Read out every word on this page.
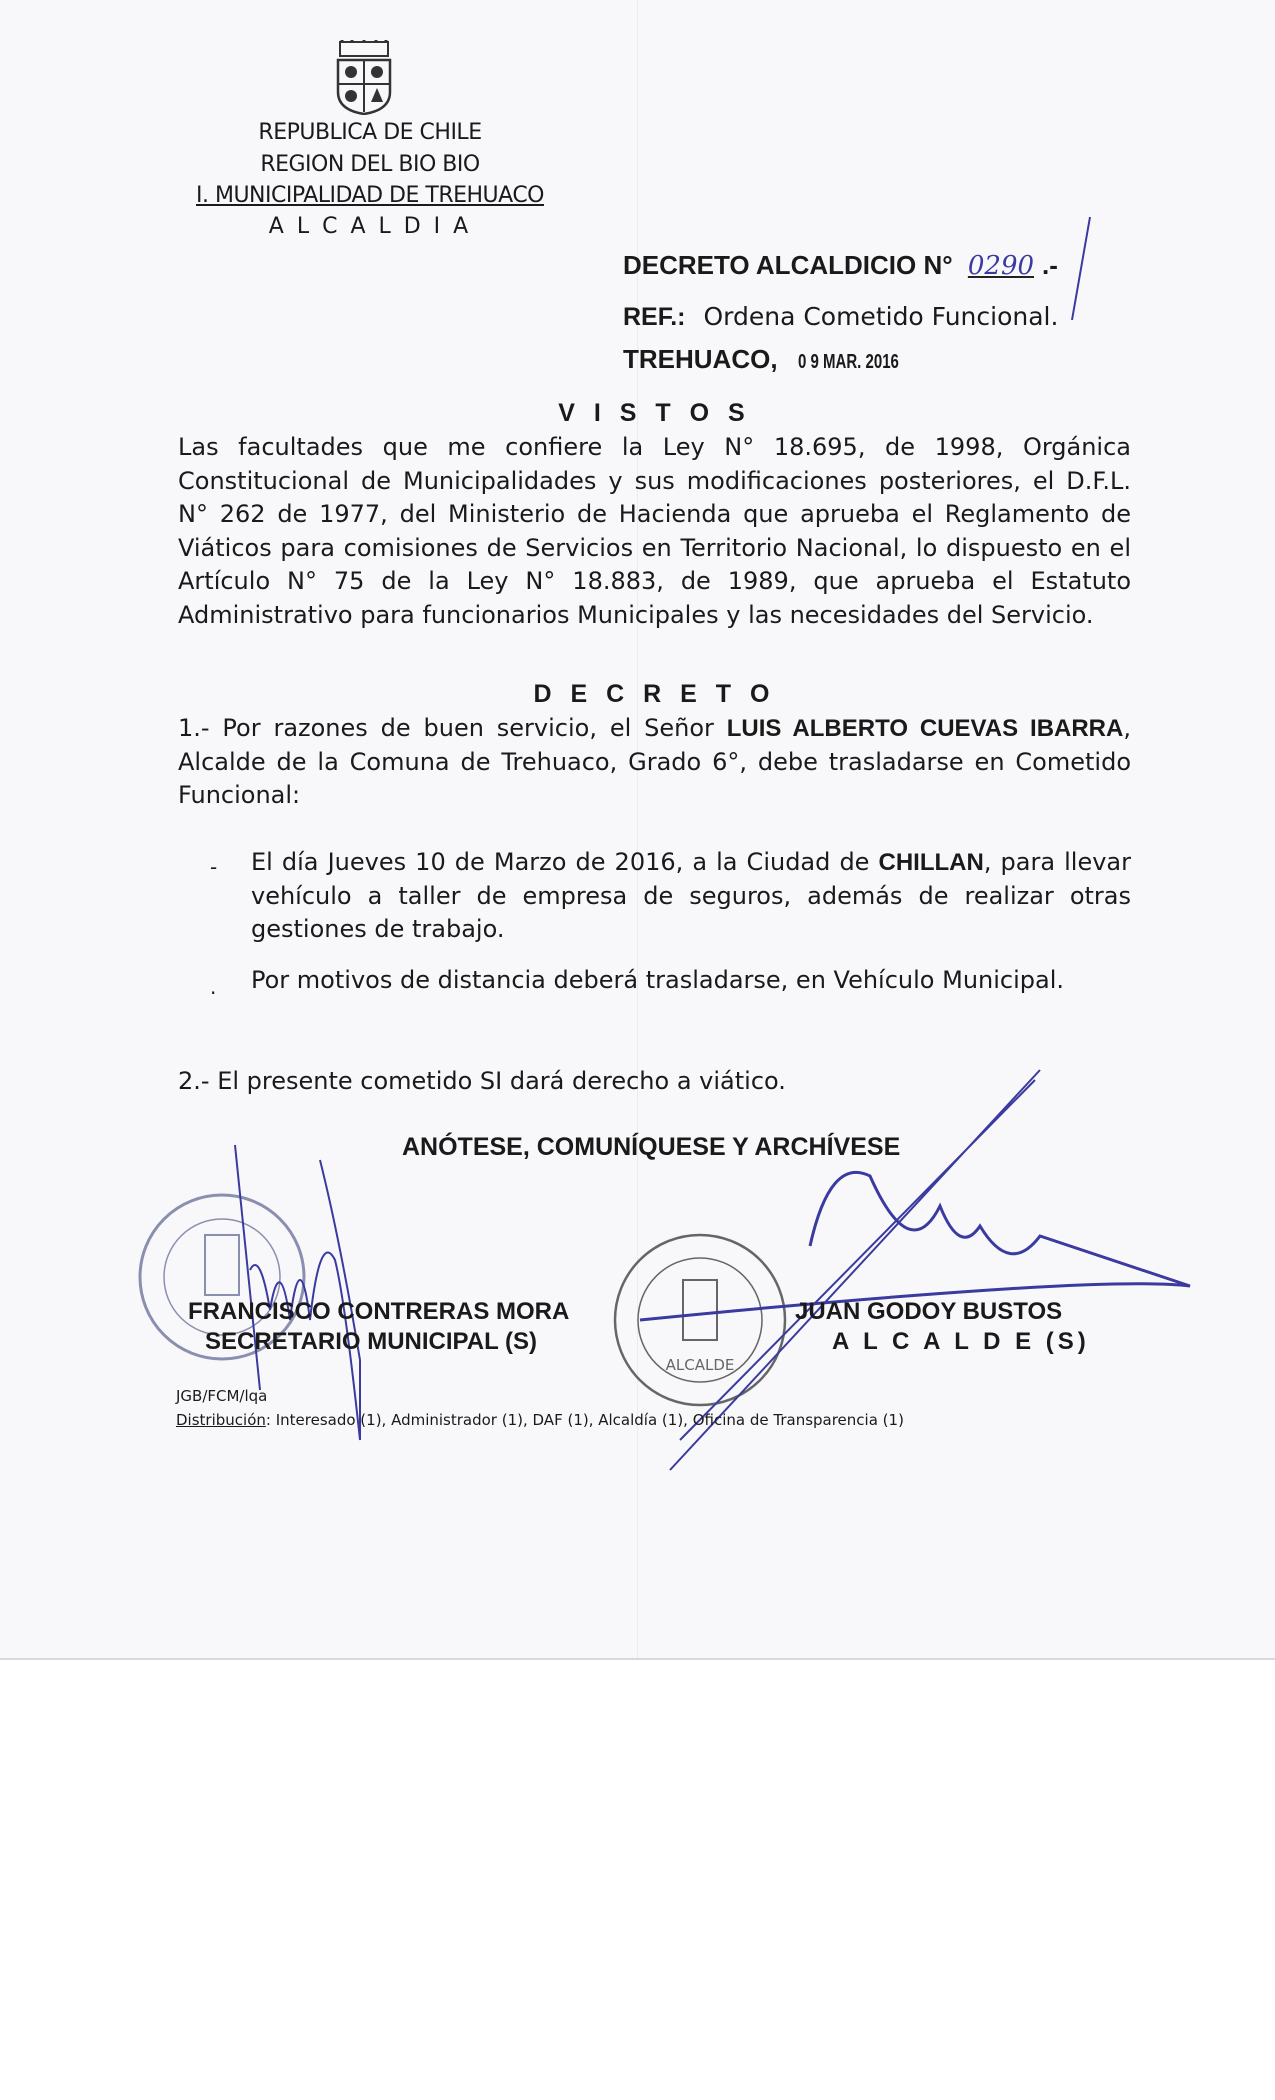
REPUBLICA DE CHILE
REGION DEL BIO BIO
I. MUNICIPALIDAD DE TREHUACO
A L C A L D I A
DECRETO ALCALDICIO N° 0290 .-
REF.: Ordena Cometido Funcional.
TREHUACO, 0 9 MAR. 2016
V I S T O S
Las facultades que me confiere la Ley N° 18.695, de 1998, Orgánica Constitucional de Municipalidades y sus modificaciones posteriores, el D.F.L. N° 262 de 1977, del Ministerio de Hacienda que aprueba el Reglamento de Viáticos para comisiones de Servicios en Territorio Nacional, lo dispuesto en el Artículo N° 75 de la Ley N° 18.883, de 1989, que aprueba el Estatuto Administrativo para funcionarios Municipales y las necesidades del Servicio.
D E C R E T O
1.- Por razones de buen servicio, el Señor LUIS ALBERTO CUEVAS IBARRA, Alcalde de la Comuna de Trehuaco, Grado 6°, debe trasladarse en Cometido Funcional:
- El día Jueves 10 de Marzo de 2016, a la Ciudad de CHILLAN, para llevar vehículo a taller de empresa de seguros, además de realizar otras gestiones de trabajo.
. Por motivos de distancia deberá trasladarse, en Vehículo Municipal.
2.- El presente cometido SI dará derecho a viático.
ANÓTESE, COMUNÍQUESE Y ARCHÍVESE
ALCALDE
FRANCISCO CONTRERAS MORA
SECRETARIO MUNICIPAL (S)
JUAN GODOY BUSTOS
A L C A L D E (S)
JGB/FCM/lqa
Distribución: Interesado (1), Administrador (1), DAF (1), Alcaldía (1), Oficina de Transparencia (1)
